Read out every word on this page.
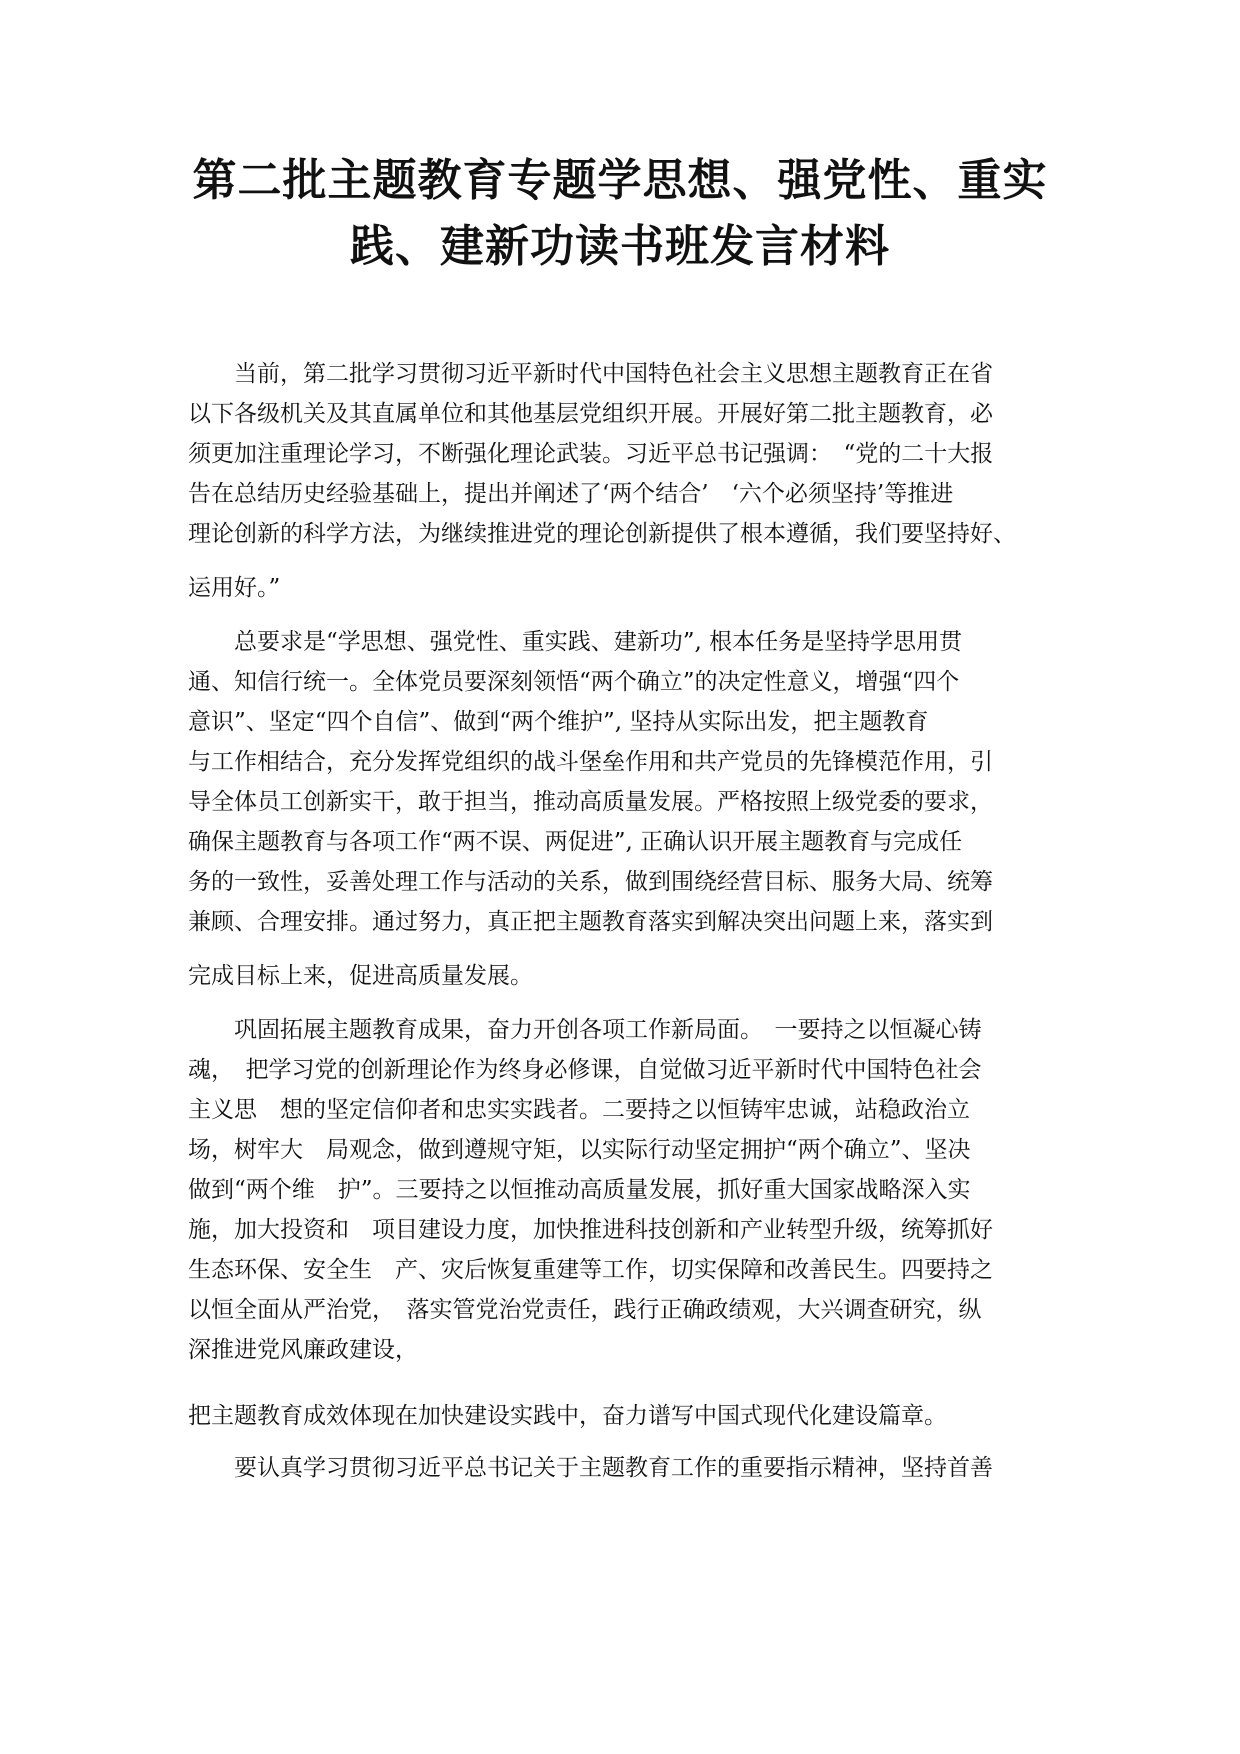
第二批主题教育专题学思想、强党性、重实
践、建新功读书班发言材料

当前，第二批学习贯彻习近平新时代中国特色社会主义思想主题教育正在省
以下各级机关及其直属单位和其他基层党组织开展。开展好第二批主题教育，必
须更加注重理论学习，不断强化理论武装。习近平总书记强调：　“党的二十大报
告在总结历史经验基础上，提出并阐述了‘两个结合’　‘六个必须坚持’等推进
理论创新的科学方法，为继续推进党的理论创新提供了根本遵循，我们要坚持好、
运用好。”

总要求是“学思想、强党性、重实践、建新功”, 根本任务是坚持学思用贯
通、知信行统一。全体党员要深刻领悟“两个确立”的决定性意义，增强“四个
意识”、坚定“四个自信”、做到“两个维护”, 坚持从实际出发，把主题教育
与工作相结合，充分发挥党组织的战斗堡垒作用和共产党员的先锋模范作用，引
导全体员工创新实干，敢于担当，推动高质量发展。严格按照上级党委的要求，
确保主题教育与各项工作“两不误、两促进”, 正确认识开展主题教育与完成任
务的一致性，妥善处理工作与活动的关系，做到围绕经营目标、服务大局、统筹
兼顾、合理安排。通过努力，真正把主题教育落实到解决突出问题上来，落实到
完成目标上来，促进高质量发展。

巩固拓展主题教育成果，奋力开创各项工作新局面。　一要持之以恒凝心铸
魂，　把学习党的创新理论作为终身必修课，自觉做习近平新时代中国特色社会
主义思　想的坚定信仰者和忠实实践者。二要持之以恒铸牢忠诚，站稳政治立
场，树牢大　局观念，做到遵规守矩，以实际行动坚定拥护“两个确立”、坚决
做到“两个维　护”。三要持之以恒推动高质量发展，抓好重大国家战略深入实
施，加大投资和　项目建设力度，加快推进科技创新和产业转型升级，统筹抓好
生态环保、安全生　产、灾后恢复重建等工作，切实保障和改善民生。四要持之
以恒全面从严治党，　落实管党治党责任，践行正确政绩观，大兴调查研究，纵
深推进党风廉政建设，

把主题教育成效体现在加快建设实践中，奋力谱写中国式现代化建设篇章。

要认真学习贯彻习近平总书记关于主题教育工作的重要指示精神，坚持首善
